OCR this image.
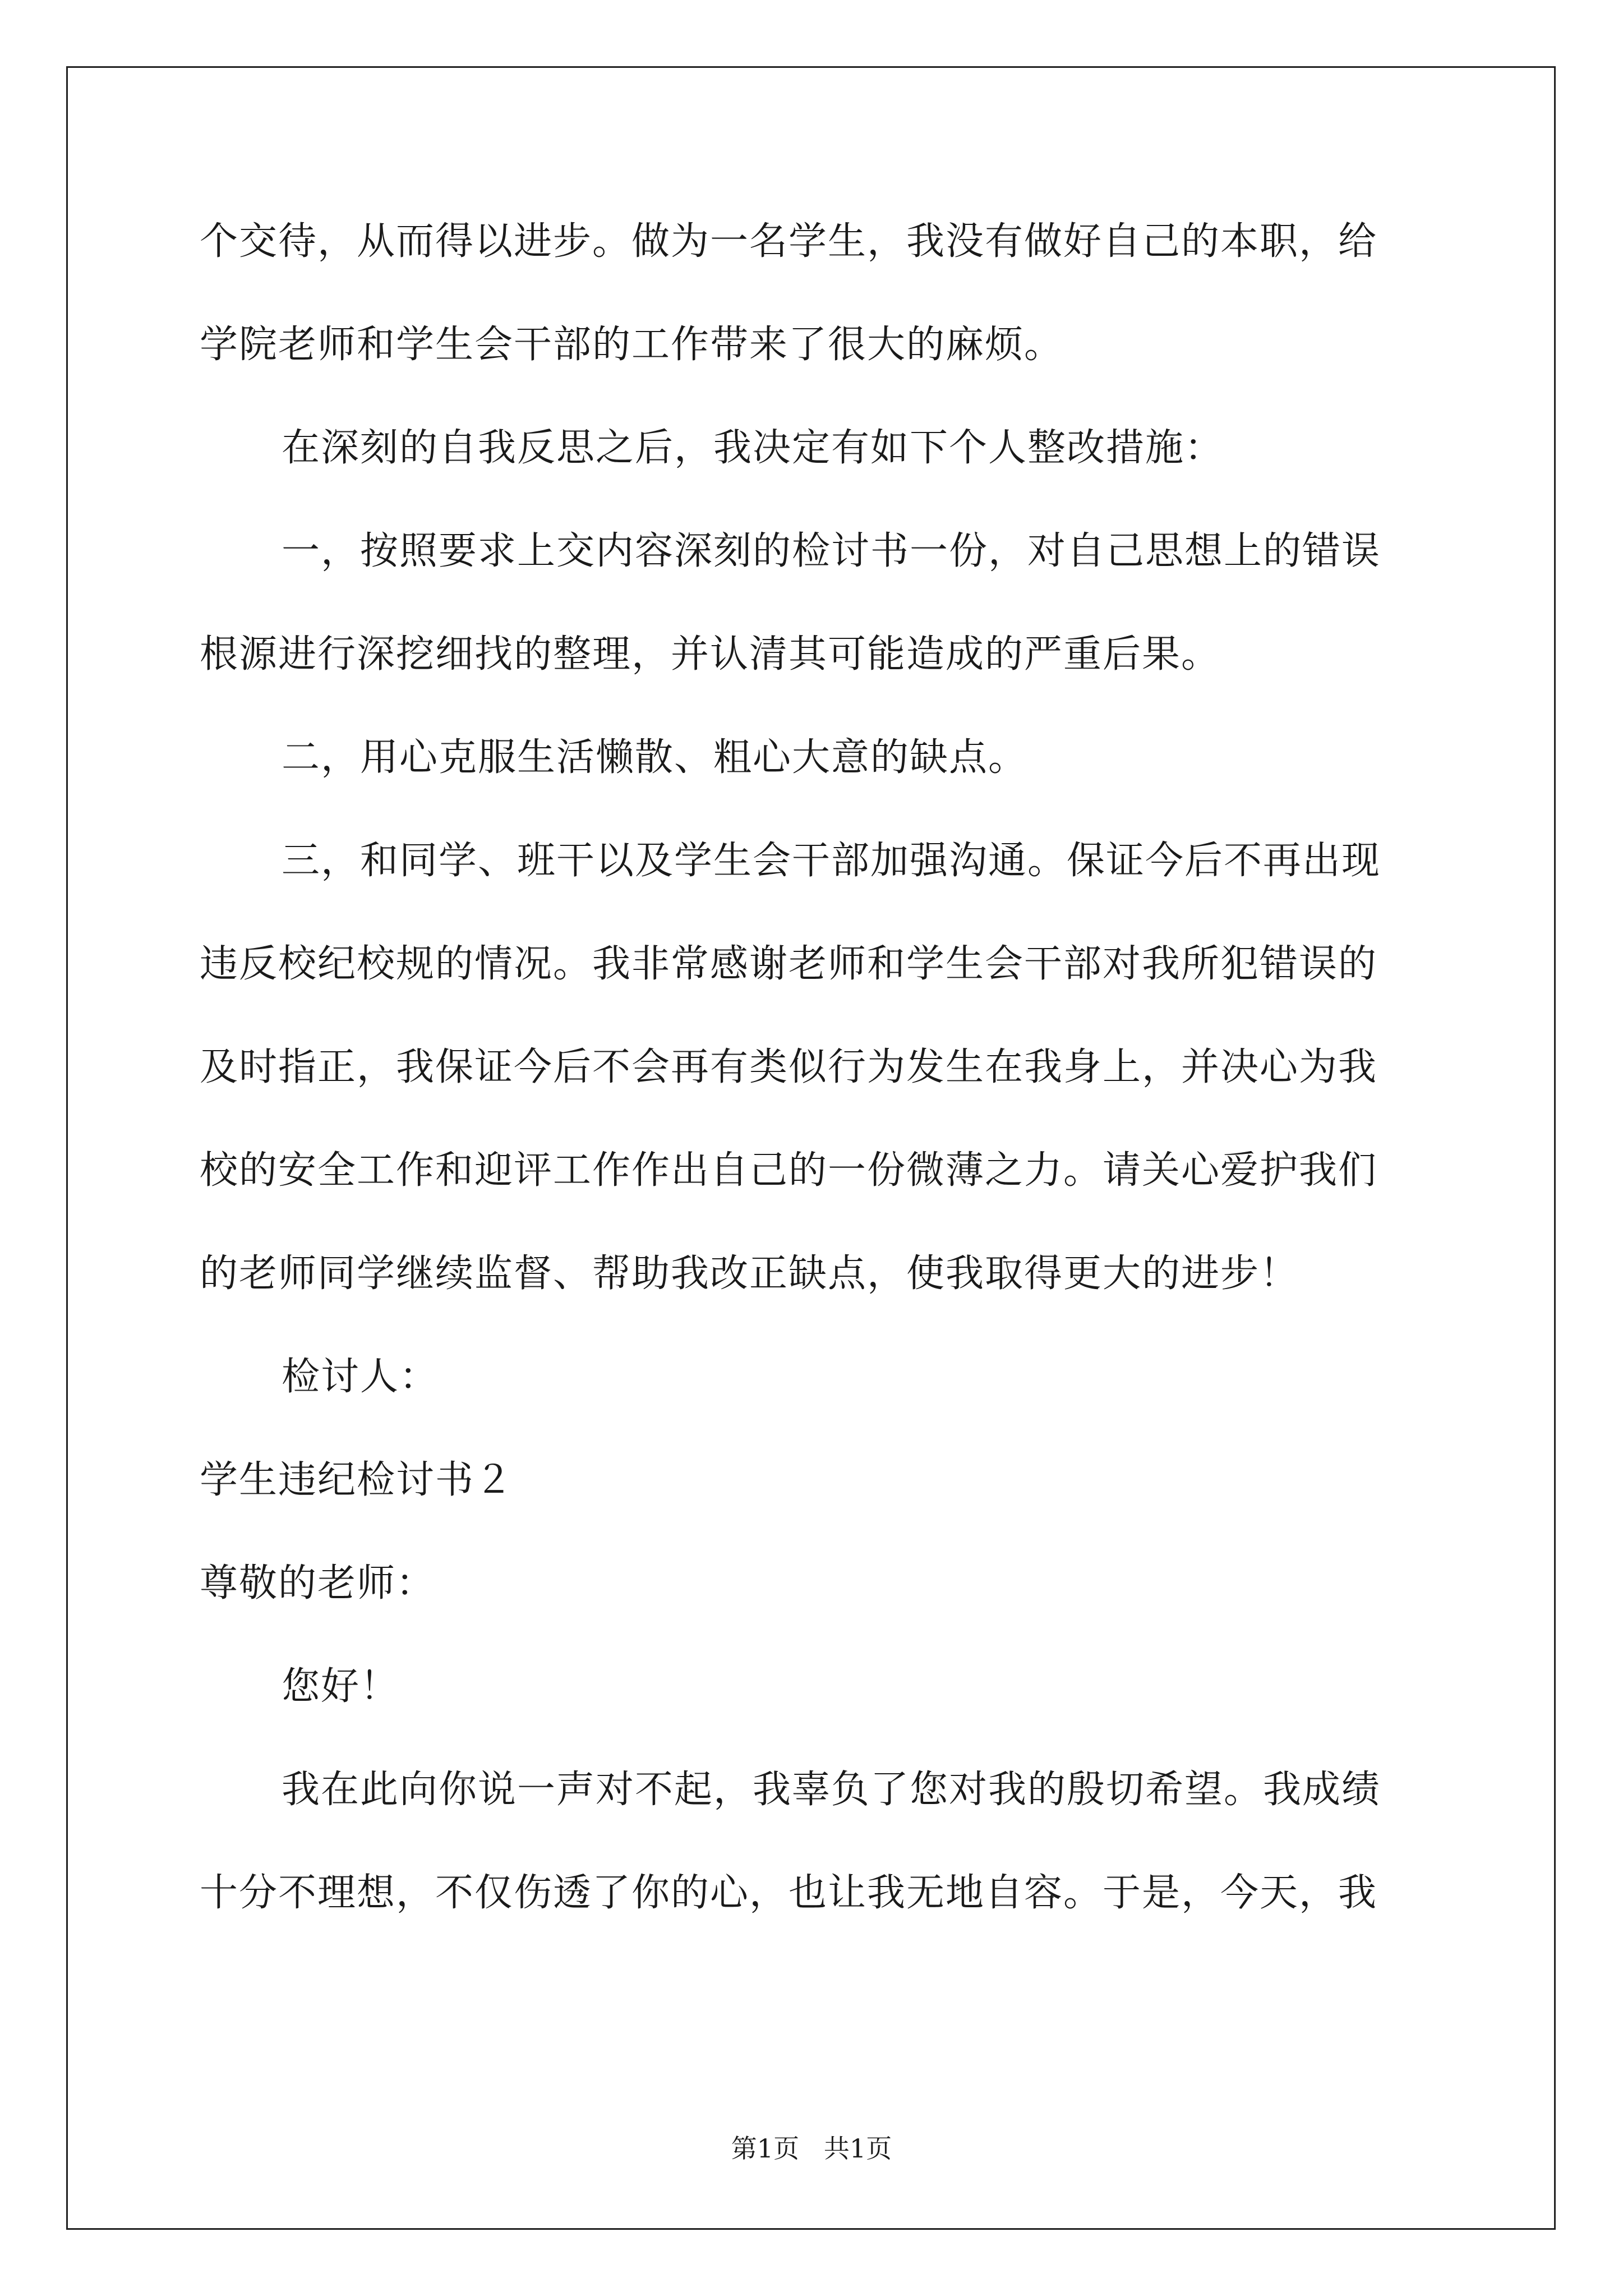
个交待，从而得以进步。做为一名学生，我没有做好自己的本职，给

学院老师和学生会干部的工作带来了很大的麻烦。

在深刻的自我反思之后，我决定有如下个人整改措施：

一，按照要求上交内容深刻的检讨书一份，对自己思想上的错误

根源进行深挖细找的整理，并认清其可能造成的严重后果。

二，用心克服生活懒散、粗心大意的缺点。

三，和同学、班干以及学生会干部加强沟通。保证今后不再出现

违反校纪校规的情况。我非常感谢老师和学生会干部对我所犯错误的

及时指正，我保证今后不会再有类似行为发生在我身上，并决心为我

校的安全工作和迎评工作作出自己的一份微薄之力。请关心爱护我们

的老师同学继续监督、帮助我改正缺点，使我取得更大的进步！

检讨人：

学生违纪检讨书２

尊敬的老师：

您好！

我在此向你说一声对不起，我辜负了您对我的殷切希望。我成绩

十分不理想，不仅伤透了你的心，也让我无地自容。于是，今天，我

第1页   共1页
